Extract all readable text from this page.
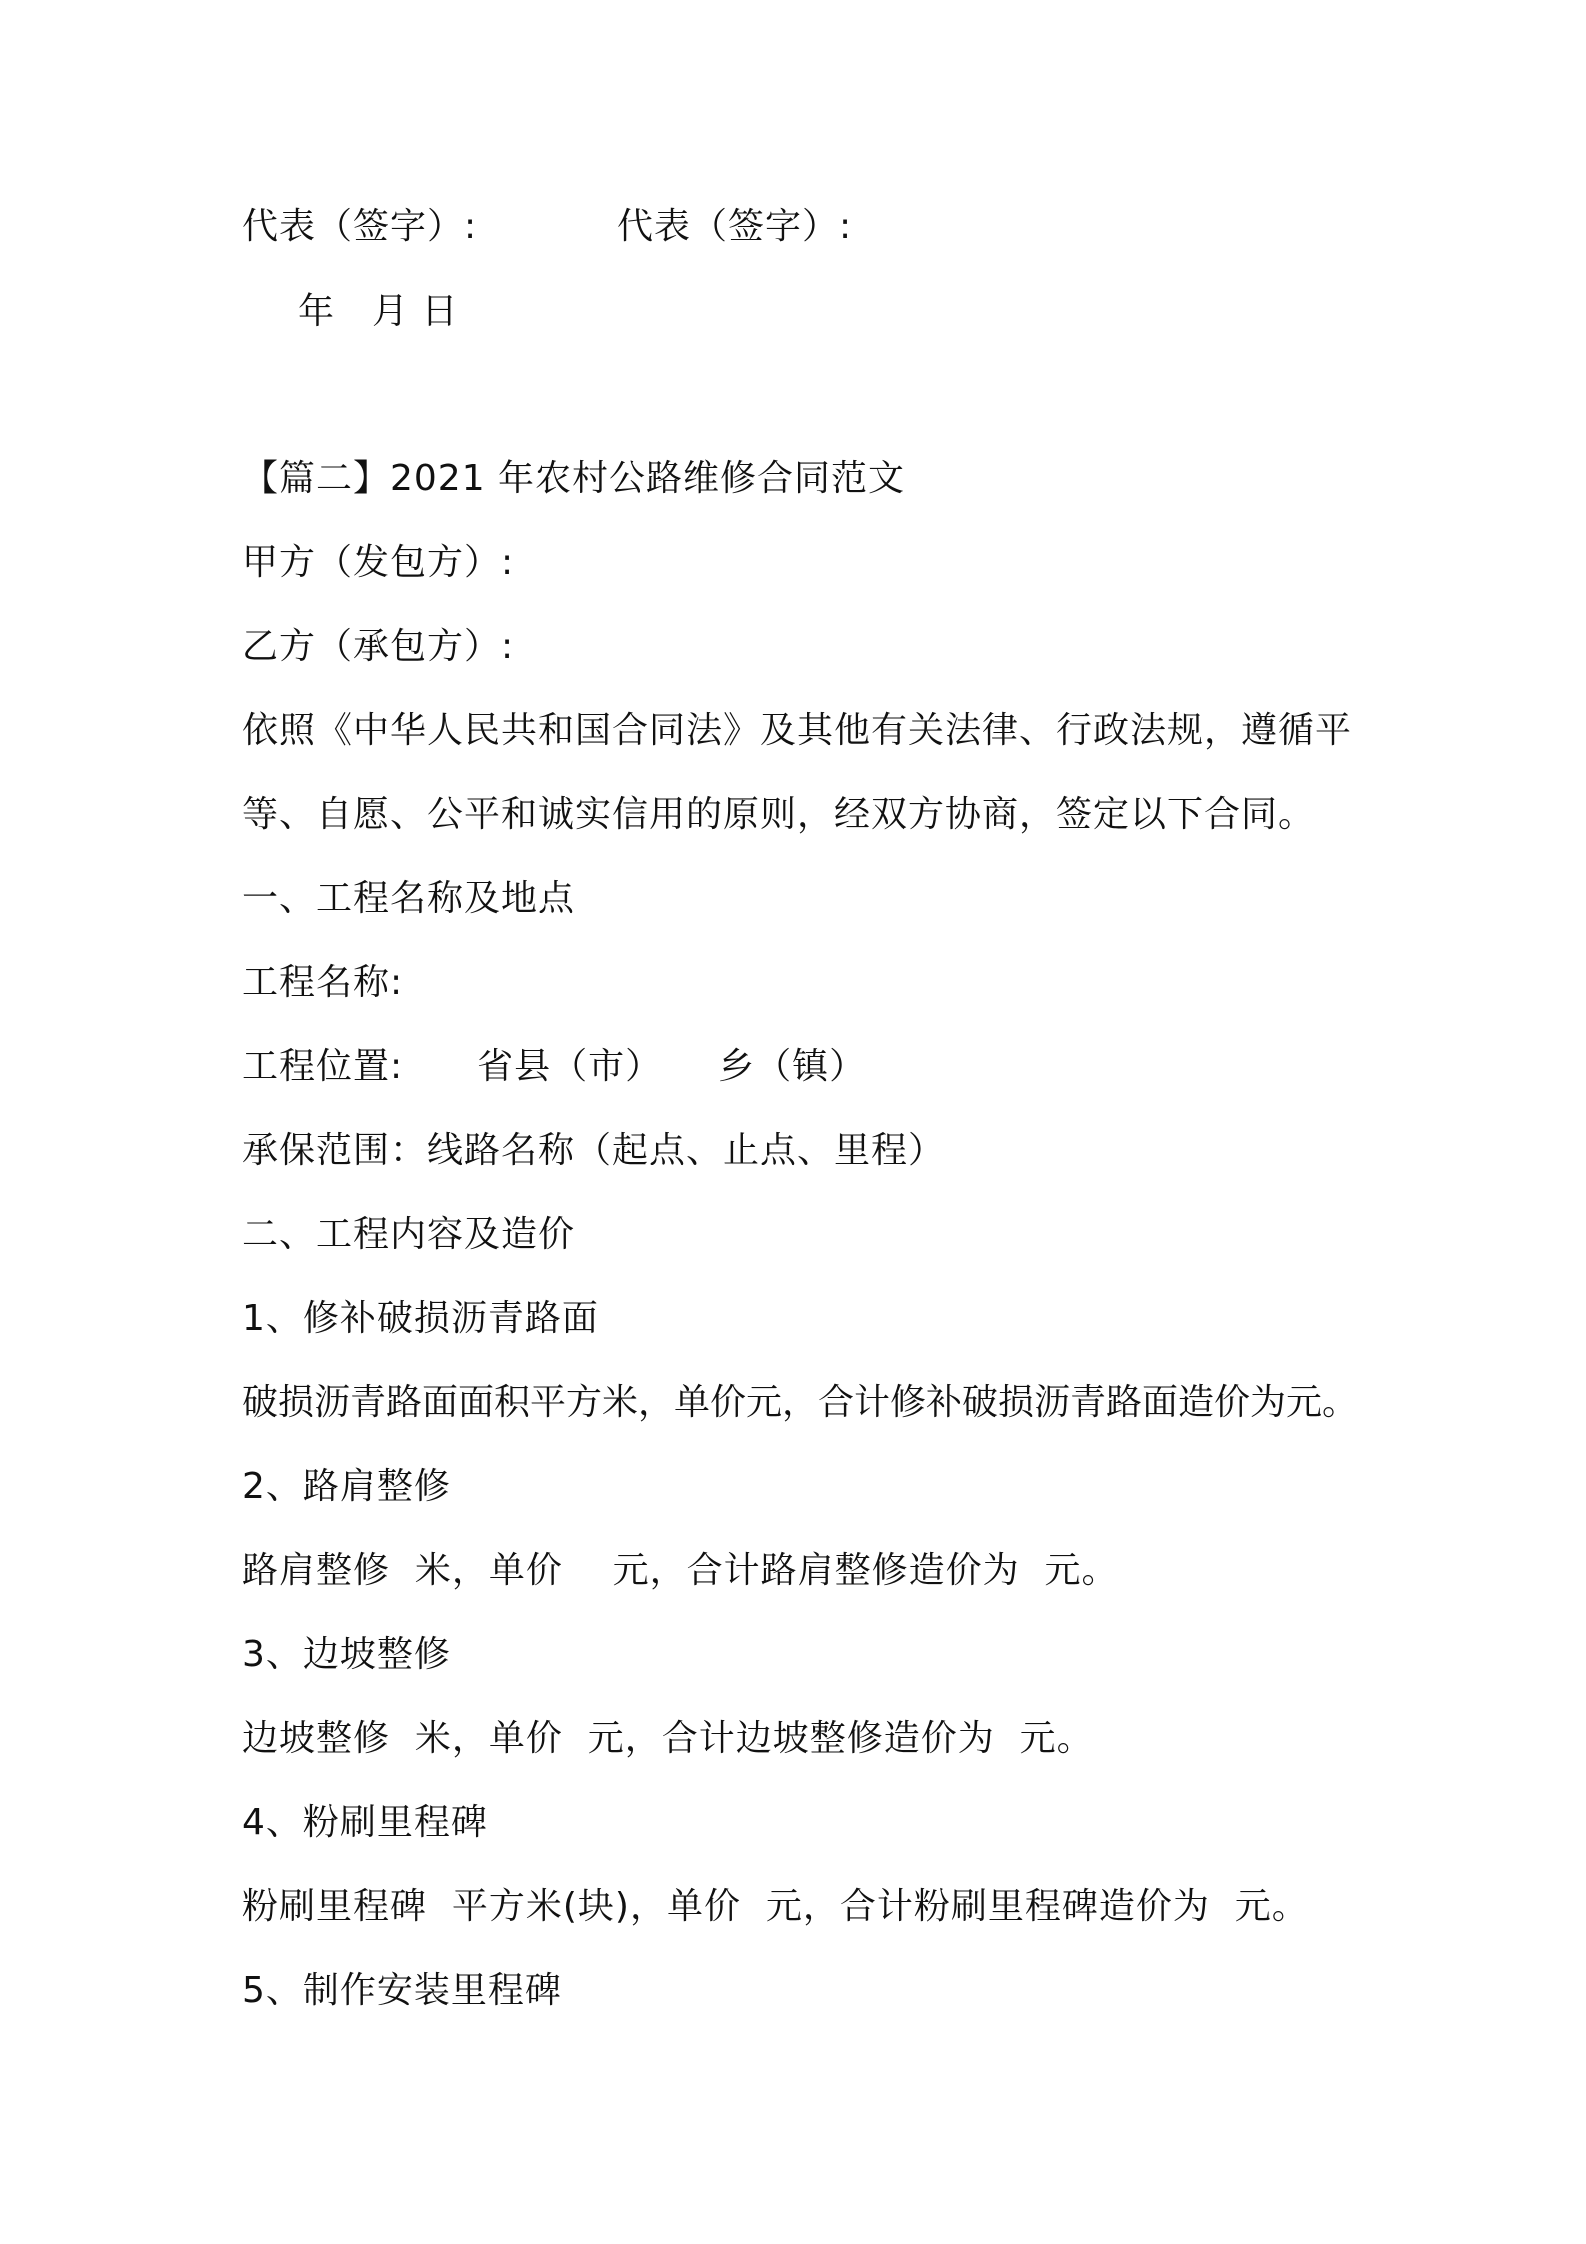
代表（签字）:	代表（签字）:
年　月 日
【篇二】2021 年农村公路维修合同范文
甲方（发包方）:
乙方（承包方）:
依照《中华人民共和国合同法》及其他有关法律、行政法规，遵循平
等、自愿、公平和诚实信用的原则，经双方协商，签定以下合同。
一、工程名称及地点
工程名称:
工程位置:　　省县（市）　　乡（镇）
承保范围：线路名称（起点、止点、里程）
二、工程内容及造价
1、修补破损沥青路面
破损沥青路面面积平方米，单价元，合计修补破损沥青路面造价为元。
2、路肩整修
路肩整修  米，单价    元，合计路肩整修造价为  元。
3、边坡整修
边坡整修  米，单价  元，合计边坡整修造价为  元。
4、粉刷里程碑
粉刷里程碑  平方米(块)，单价  元，合计粉刷里程碑造价为  元。
5、制作安装里程碑
